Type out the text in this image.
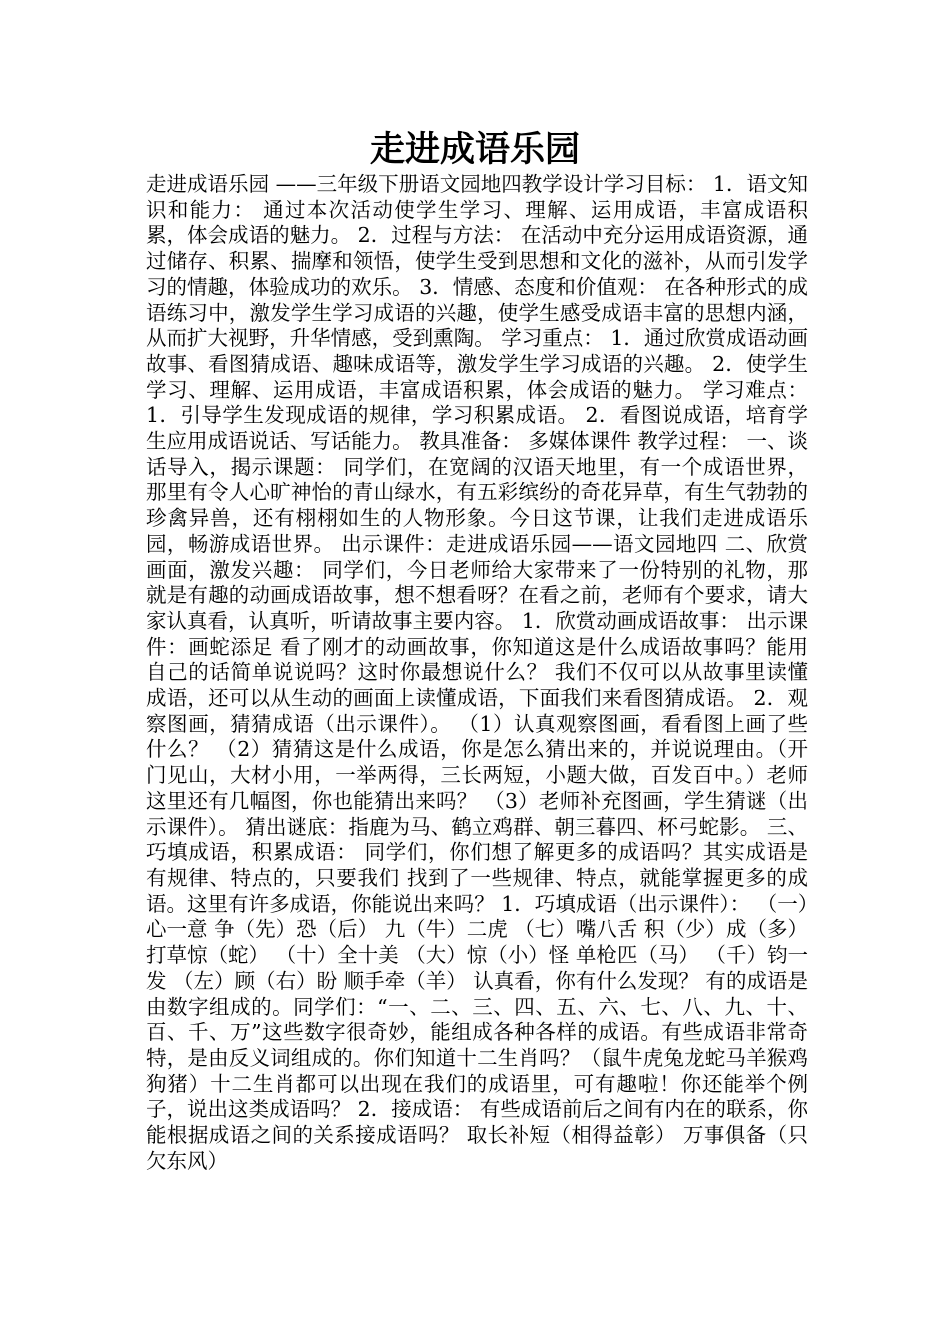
走进成语乐园

走进成语乐园 ——三年级下册语文园地四教学设计学习目标： 1．语文知识和能力： 通过本次活动使学生学习、理解、运用成语，丰富成语积累，体会成语的魅力。 2．过程与方法： 在活动中充分运用成语资源，通过储存、积累、揣摩和领悟，使学生受到思想和文化的滋补，从而引发学习的情趣，体验成功的欢乐。 3．情感、态度和价值观： 在各种形式的成语练习中，激发学生学习成语的兴趣，使学生感受成语丰富的思想内涵，从而扩大视野，升华情感，受到熏陶。 学习重点： 1．通过欣赏成语动画故事、看图猜成语、趣味成语等，激发学生学习成语的兴趣。 2．使学生学习、理解、运用成语，丰富成语积累，体会成语的魅力。 学习难点： 1．引导学生发现成语的规律，学习积累成语。 2．看图说成语，培育学生应用成语说话、写话能力。 教具准备： 多媒体课件 教学过程： 一、谈话导入，揭示课题： 同学们，在宽阔的汉语天地里，有一个成语世界，那里有令人心旷神怡的青山绿水，有五彩缤纷的奇花异草，有生气勃勃的珍禽异兽，还有栩栩如生的人物形象。今日这节课，让我们走进成语乐园，畅游成语世界。 出示课件：走进成语乐园——语文园地四 二、欣赏画面，激发兴趣： 同学们，今日老师给大家带来了一份特别的礼物，那就是有趣的动画成语故事，想不想看呀？在看之前，老师有个要求，请大家认真看，认真听，听请故事主要内容。 1．欣赏动画成语故事： 出示课件：画蛇添足 看了刚才的动画故事，你知道这是什么成语故事吗？能用自己的话简单说说吗？这时你最想说什么？ 我们不仅可以从故事里读懂成语，还可以从生动的画面上读懂成语，下面我们来看图猜成语。 2．观察图画，猜猜成语（出示课件）。 （1）认真观察图画，看看图上画了些什么？ （2）猜猜这是什么成语，你是怎么猜出来的，并说说理由。（开门见山，大材小用，一举两得，三长两短，小题大做，百发百中。）老师这里还有几幅图，你也能猜出来吗？ （3）老师补充图画，学生猜谜（出示课件）。 猜出谜底：指鹿为马、鹤立鸡群、朝三暮四、杯弓蛇影。 三、巧填成语，积累成语： 同学们，你们想了解更多的成语吗？其实成语是有规律、特点的，只要我们 找到了一些规律、特点，就能掌握更多的成语。这里有许多成语，你能说出来吗？ 1．巧填成语（出示课件）： （一）心一意 争（先）恐（后） 九（牛）二虎 （七）嘴八舌 积（少）成（多） 打草惊（蛇） （十）全十美 （大）惊（小）怪 单枪匹（马） （千）钧一发 （左）顾（右）盼 顺手牵（羊） 认真看，你有什么发现？ 有的成语是由数字组成的。同学们：“一、二、三、四、五、六、七、八、九、十、百、千、万”这些数字很奇妙，能组成各种各样的成语。有些成语非常奇特，是由反义词组成的。你们知道十二生肖吗？（鼠牛虎兔龙蛇马羊猴鸡狗猪）十二生肖都可以出现在我们的成语里，可有趣啦！你还能举个例子，说出这类成语吗？ 2．接成语： 有些成语前后之间有内在的联系，你能根据成语之间的关系接成语吗？ 取长补短（相得益彰） 万事俱备（只欠东风）
